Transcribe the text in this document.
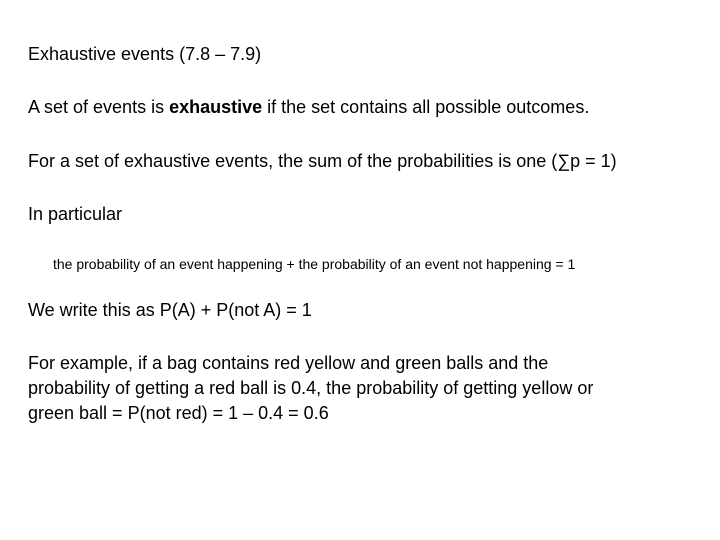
Exhaustive events (7.8 – 7.9)
A set of events is exhaustive if the set contains all possible outcomes.
For a set of exhaustive events, the sum of the probabilities is one (∑p = 1)
In particular
the probability of an event happening + the probability of an event not happening = 1
We write this as P(A) + P(not A) = 1
For example, if a bag contains red yellow and green balls and the
probability of getting a red ball is 0.4, the probability of getting yellow or
green ball = P(not red) = 1 – 0.4 = 0.6
